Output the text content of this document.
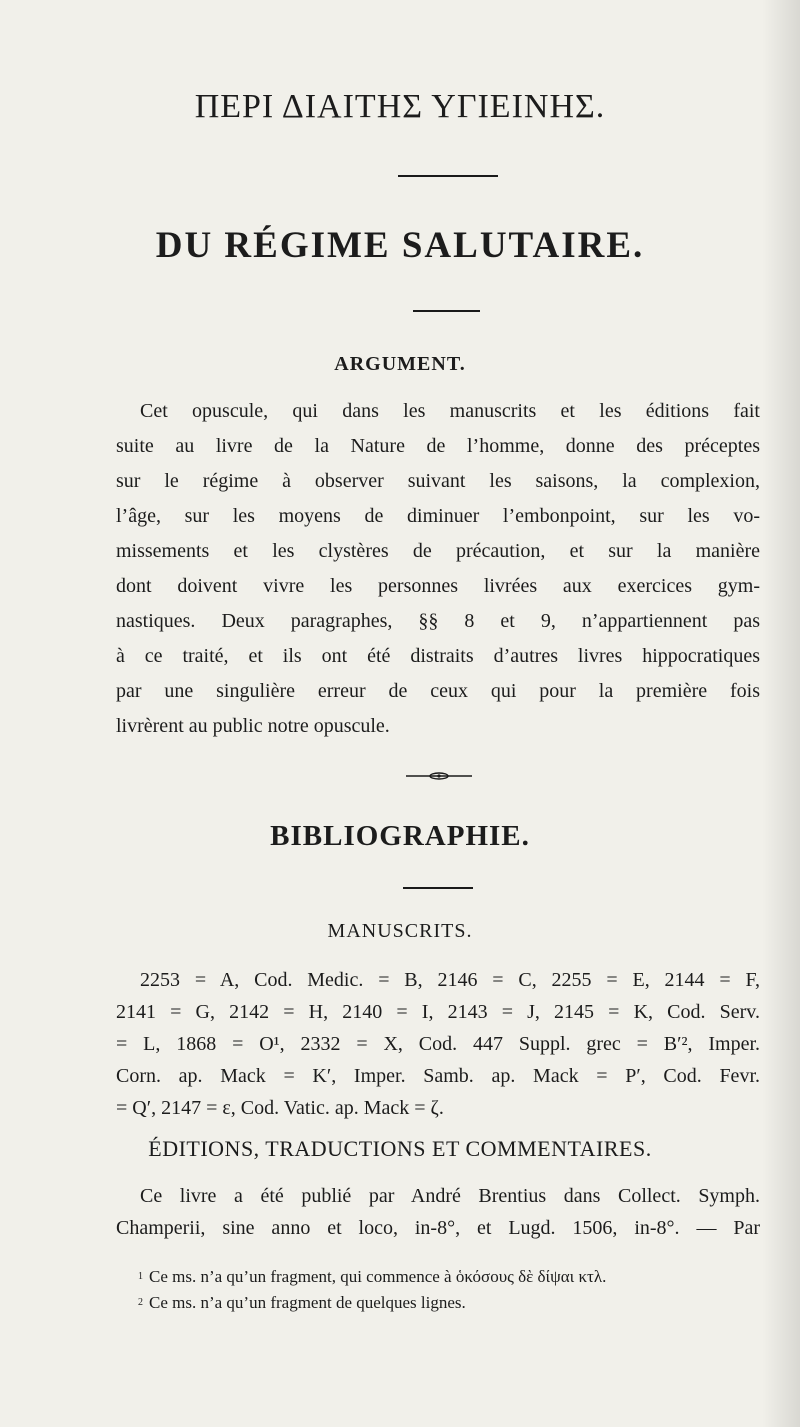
ΠΕΡΙ ΔΙΑΙΤΗΣ ΥΓΙΕΙΝΗΣ.
DU RÉGIME SALUTAIRE.
ARGUMENT.
Cet opuscule, qui dans les manuscrits et les éditions fait
suite au livre de la Nature de l’homme, donne des préceptes
sur le régime à observer suivant les saisons, la complexion,
l’âge, sur les moyens de diminuer l’embonpoint, sur les vo-
missements et les clystères de précaution, et sur la manière
dont doivent vivre les personnes livrées aux exercices gym-
nastiques. Deux paragraphes, §§ 8 et 9, n’appartiennent pas
à ce traité, et ils ont été distraits d’autres livres hippocratiques
par une singulière erreur de ceux qui pour la première fois
livrèrent au public notre opuscule.
BIBLIOGRAPHIE.
MANUSCRITS.
2253 = A, Cod. Medic. = B, 2146 = C, 2255 = E, 2144 = F,
2141 = G, 2142 = H, 2140 = I, 2143 = J, 2145 = K, Cod. Serv.
= L, 1868 = O¹, 2332 = X, Cod. 447 Suppl. grec = B′², Imper.
Corn. ap. Mack = K′, Imper. Samb. ap. Mack = P′, Cod. Fevr.
= Q′, 2147 = ε, Cod. Vatic. ap. Mack = ζ.
ÉDITIONS, TRADUCTIONS ET COMMENTAIRES.
Ce livre a été publié par André Brentius dans Collect. Symph.
Champerii, sine anno et loco, in-8°, et Lugd. 1506, in-8°. — Par
$^1$ Ce ms. n’a qu’un fragment, qui commence à ὁκόσους δὲ δίψαι κτλ.
$^2$ Ce ms. n’a qu’un fragment de quelques lignes.
